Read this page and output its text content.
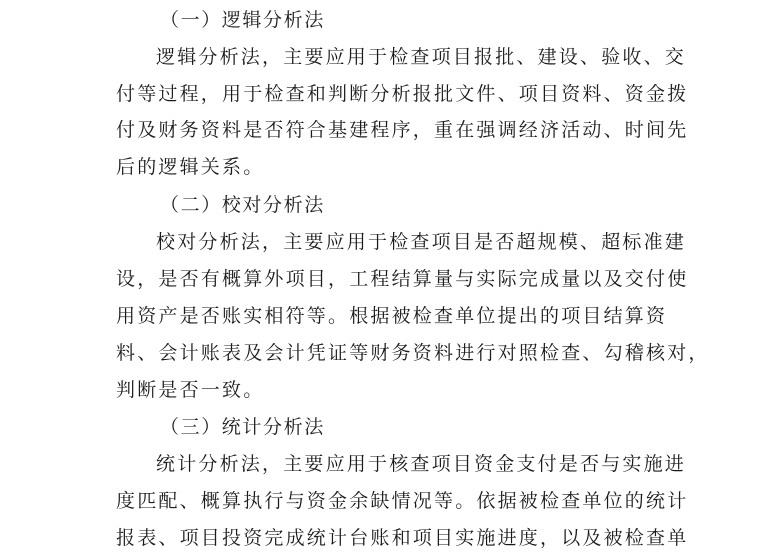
（一）逻辑分析法
逻辑分析法，主要应用于检查项目报批、建设、验收、交
付等过程，用于检查和判断分析报批文件、项目资料、资金拨
付及财务资料是否符合基建程序，重在强调经济活动、时间先
后的逻辑关系。
（二）校对分析法
校对分析法，主要应用于检查项目是否超规模、超标准建
设，是否有概算外项目，工程结算量与实际完成量以及交付使
用资产是否账实相符等。根据被检查单位提出的项目结算资
料、会计账表及会计凭证等财务资料进行对照检查、勾稽核对，
判断是否一致。
（三）统计分析法
统计分析法，主要应用于核查项目资金支付是否与实施进
度匹配、概算执行与资金余缺情况等。依据被检查单位的统计
报表、项目投资完成统计台账和项目实施进度，以及被检查单
